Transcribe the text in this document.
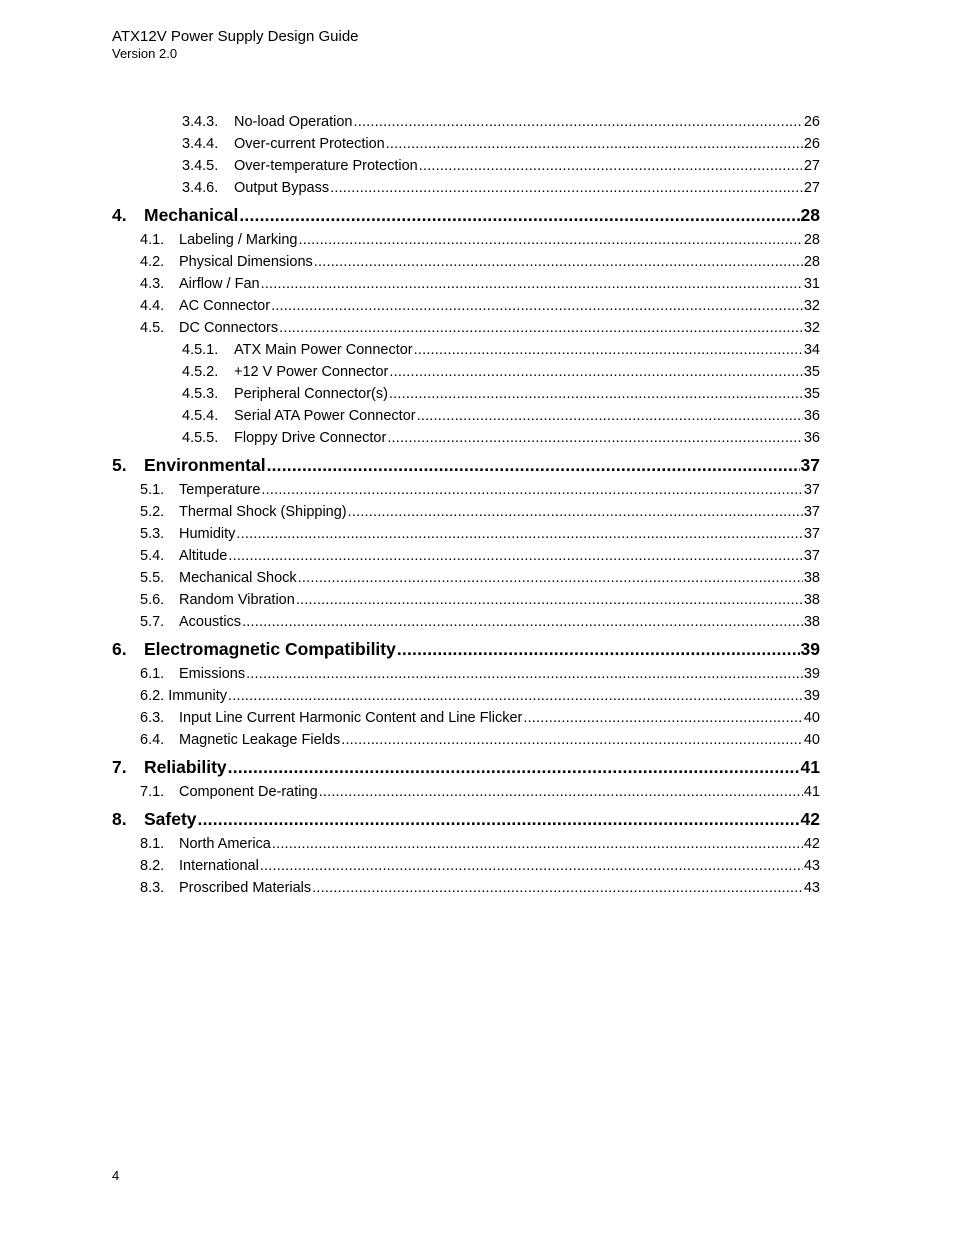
ATX12V Power Supply Design Guide
Version 2.0
3.4.3.	No-load Operation .....	26
3.4.4.	Over-current Protection .....	26
3.4.5.	Over-temperature Protection .....	27
3.4.6.	Output Bypass .....	27
4. Mechanical .....	28
4.1.	Labeling / Marking .....	28
4.2.	Physical Dimensions .....	28
4.3.	Airflow / Fan .....	31
4.4.	AC Connector .....	32
4.5.	DC Connectors .....	32
4.5.1.	ATX Main Power Connector .....	34
4.5.2.	+12 V Power Connector .....	35
4.5.3.	Peripheral Connector(s) .....	35
4.5.4.	Serial ATA Power Connector .....	36
4.5.5.	Floppy Drive Connector .....	36
5. Environmental .....	37
5.1.	Temperature .....	37
5.2.	Thermal Shock (Shipping) .....	37
5.3.	Humidity .....	37
5.4.	Altitude .....	37
5.5.	Mechanical Shock .....	38
5.6.	Random Vibration .....	38
5.7.	Acoustics .....	38
6. Electromagnetic Compatibility .....	39
6.1.	Emissions .....	39
6.2. Immunity .....	39
6.3.	Input Line Current Harmonic Content and Line Flicker .....	40
6.4.	Magnetic Leakage Fields .....	40
7. Reliability .....	41
7.1.	Component De-rating .....	41
8. Safety .....	42
8.1.	North America .....	42
8.2.	International .....	43
8.3.	Proscribed Materials .....	43
4
